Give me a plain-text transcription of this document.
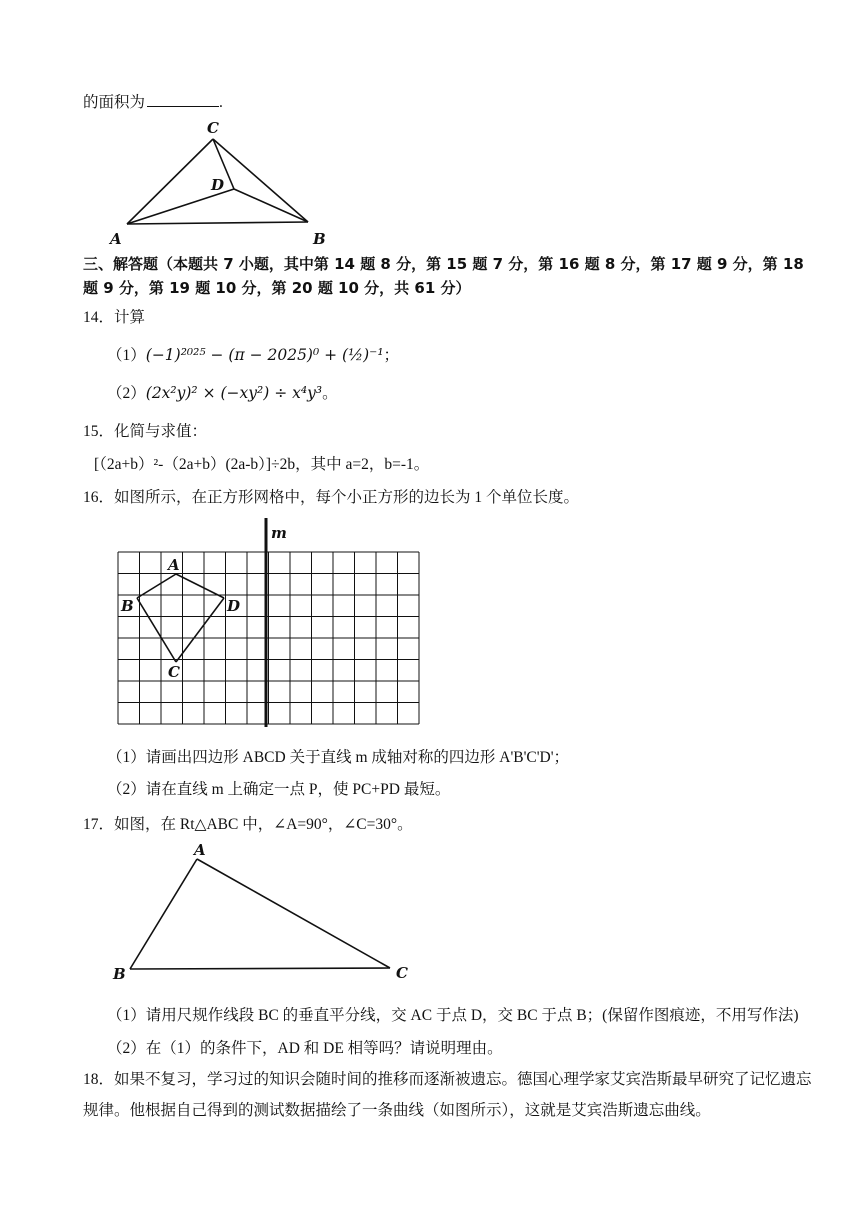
的面积为	.
C
D
A	B
三、解答题（本题共 7 小题，其中第 14 题 8 分，第 15 题 7 分，第 16 题 8 分，第 17 题 9 分，第 18 题 9 分，第 19 题 10 分，第 20 题 10 分，共 61 分）
14．计算
（1）(−1)²⁰²⁵ − (π − 2025)⁰ + (½)⁻¹；
（2）(2x²y)² × (−xy²) ÷ x⁴y³。
15．化简与求值：
[（2a+b）²-（2a+b）(2a-b）]÷2b，其中 a=2，b=-1。
16．如图所示，在正方形网格中，每个小正方形的边长为 1 个单位长度。
A
B	D
C
m
（1）请画出四边形 ABCD 关于直线 m 成轴对称的四边形 A'B'C'D'；
（2）请在直线 m 上确定一点 P，使 PC+PD 最短。
17．如图，在 Rt△ABC 中，∠A=90°，∠C=30°。
A
B	C
（1）请用尺规作线段 BC 的垂直平分线，交 AC 于点 D，交 BC 于点 B；(保留作图痕迹，不用写作法)
（2）在（1）的条件下，AD 和 DE 相等吗？请说明理由。
18．如果不复习，学习过的知识会随时间的推移而逐渐被遗忘。德国心理学家艾宾浩斯最早研究了记忆遗忘规律。他根据自己得到的测试数据描绘了一条曲线（如图所示），这就是艾宾浩斯遗忘曲线。
